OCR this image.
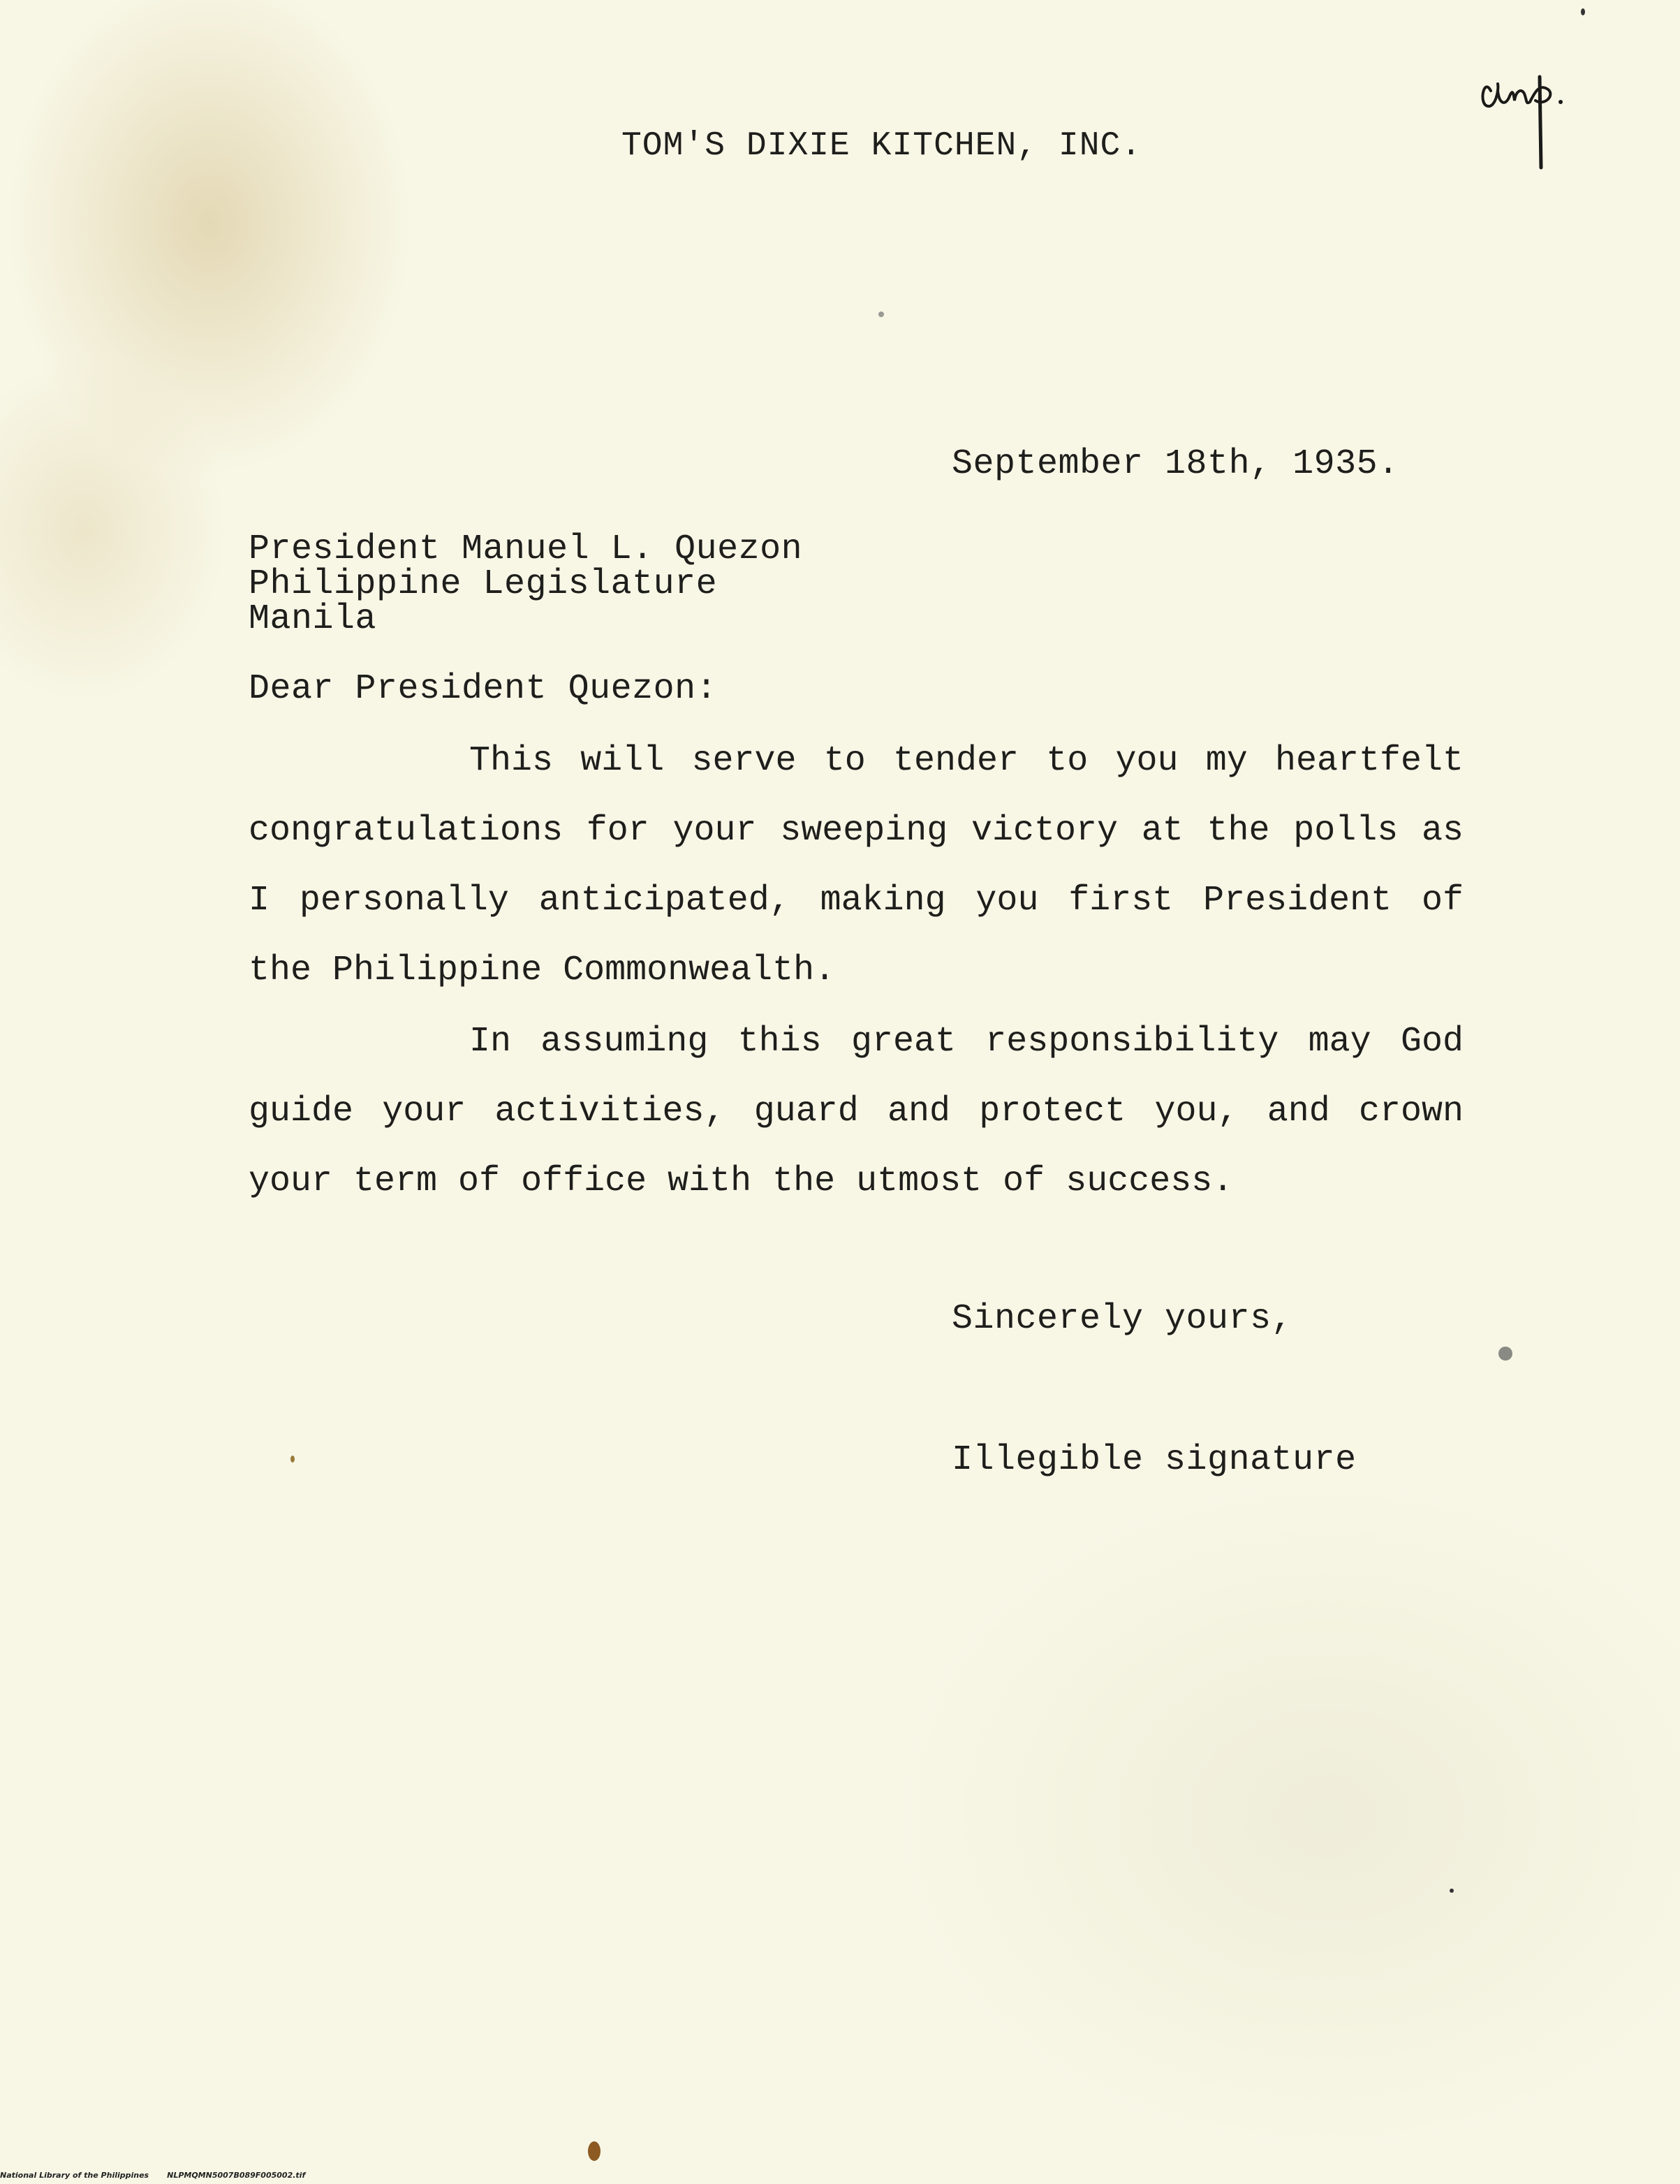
TOM'S DIXIE KITCHEN, INC.
September 18th, 1935.
President Manuel L. Quezon
Philippine Legislature
Manila
Dear President Quezon:

This will serve to tender to you my heartfelt congratulations for your sweeping victory at the polls as I personally anticipated, making you first President of the Philippine Commonwealth.

In assuming this great responsibility may God guide your activities, guard and protect you, and crown your term of office with the utmost of success.

Sincerely yours,
Illegible signature
National Library of the Philippines NLPMQMN5007B089F005002.tif
